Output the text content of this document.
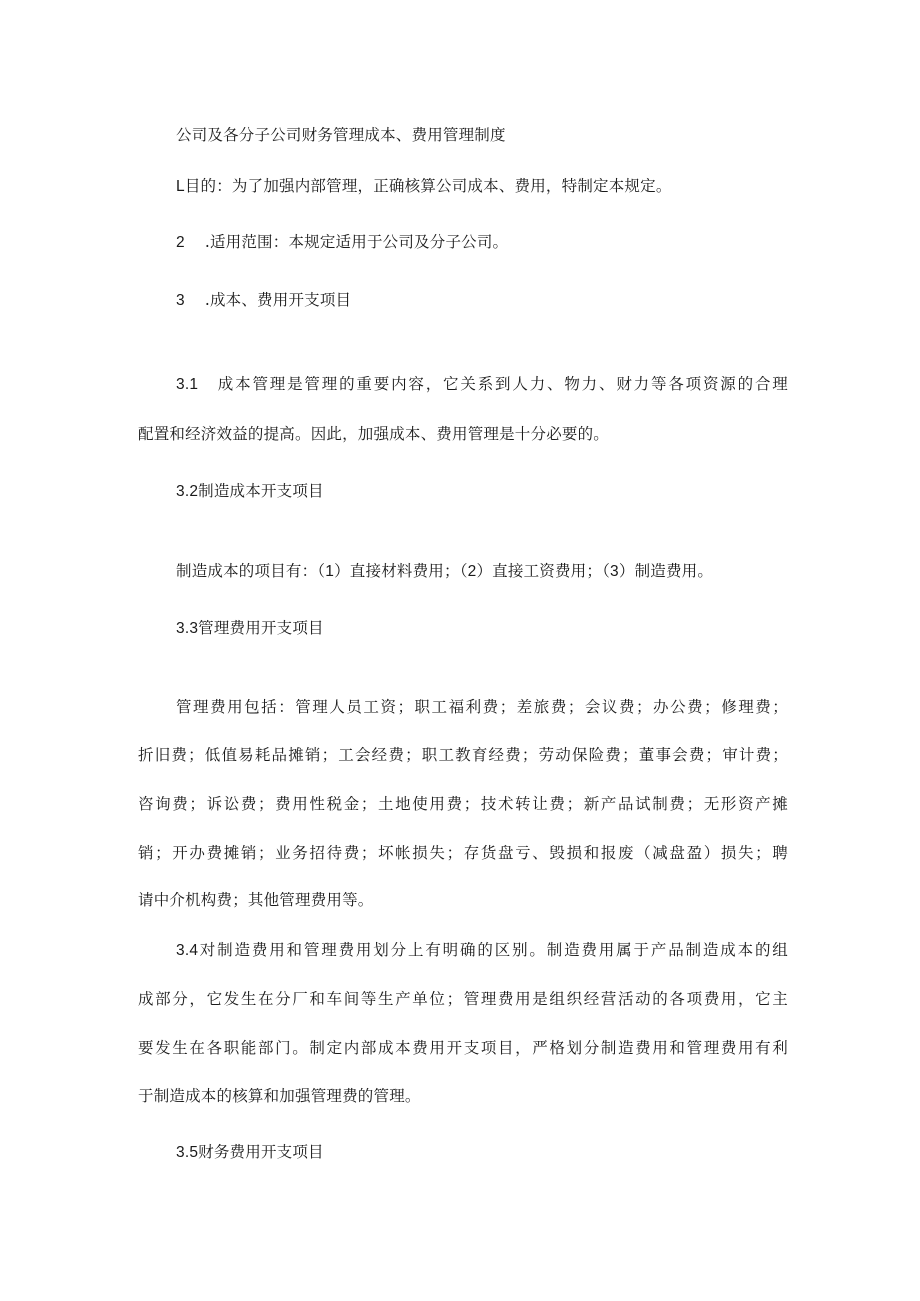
公司及各分子公司财务管理成本、费用管理制度
L目的：为了加强内部管理，正确核算公司成本、费用，特制定本规定。
2 .适用范围：本规定适用于公司及分子公司。
3 .成本、费用开支项目
3.1 成本管理是管理的重要内容，它关系到人力、物力、财力等各项资源的合理
配置和经济效益的提高。因此，加强成本、费用管理是十分必要的。
3.2制造成本开支项目
制造成本的项目有：（1）直接材料费用；（2）直接工资费用；（3）制造费用。
3.3管理费用开支项目
管理费用包括：管理人员工资；职工福利费；差旅费；会议费；办公费；修理费；
折旧费；低值易耗品摊销；工会经费；职工教育经费；劳动保险费；董事会费；审计费；
咨询费；诉讼费；费用性税金；土地使用费；技术转让费；新产品试制费；无形资产摊
销；开办费摊销；业务招待费；坏帐损失；存货盘亏、毁损和报废（减盘盈）损失；聘
请中介机构费；其他管理费用等。
3.4对制造费用和管理费用划分上有明确的区别。制造费用属于产品制造成本的组
成部分，它发生在分厂和车间等生产单位；管理费用是组织经营活动的各项费用，它主
要发生在各职能部门。制定内部成本费用开支项目，严格划分制造费用和管理费用有利
于制造成本的核算和加强管理费的管理。
3.5财务费用开支项目
